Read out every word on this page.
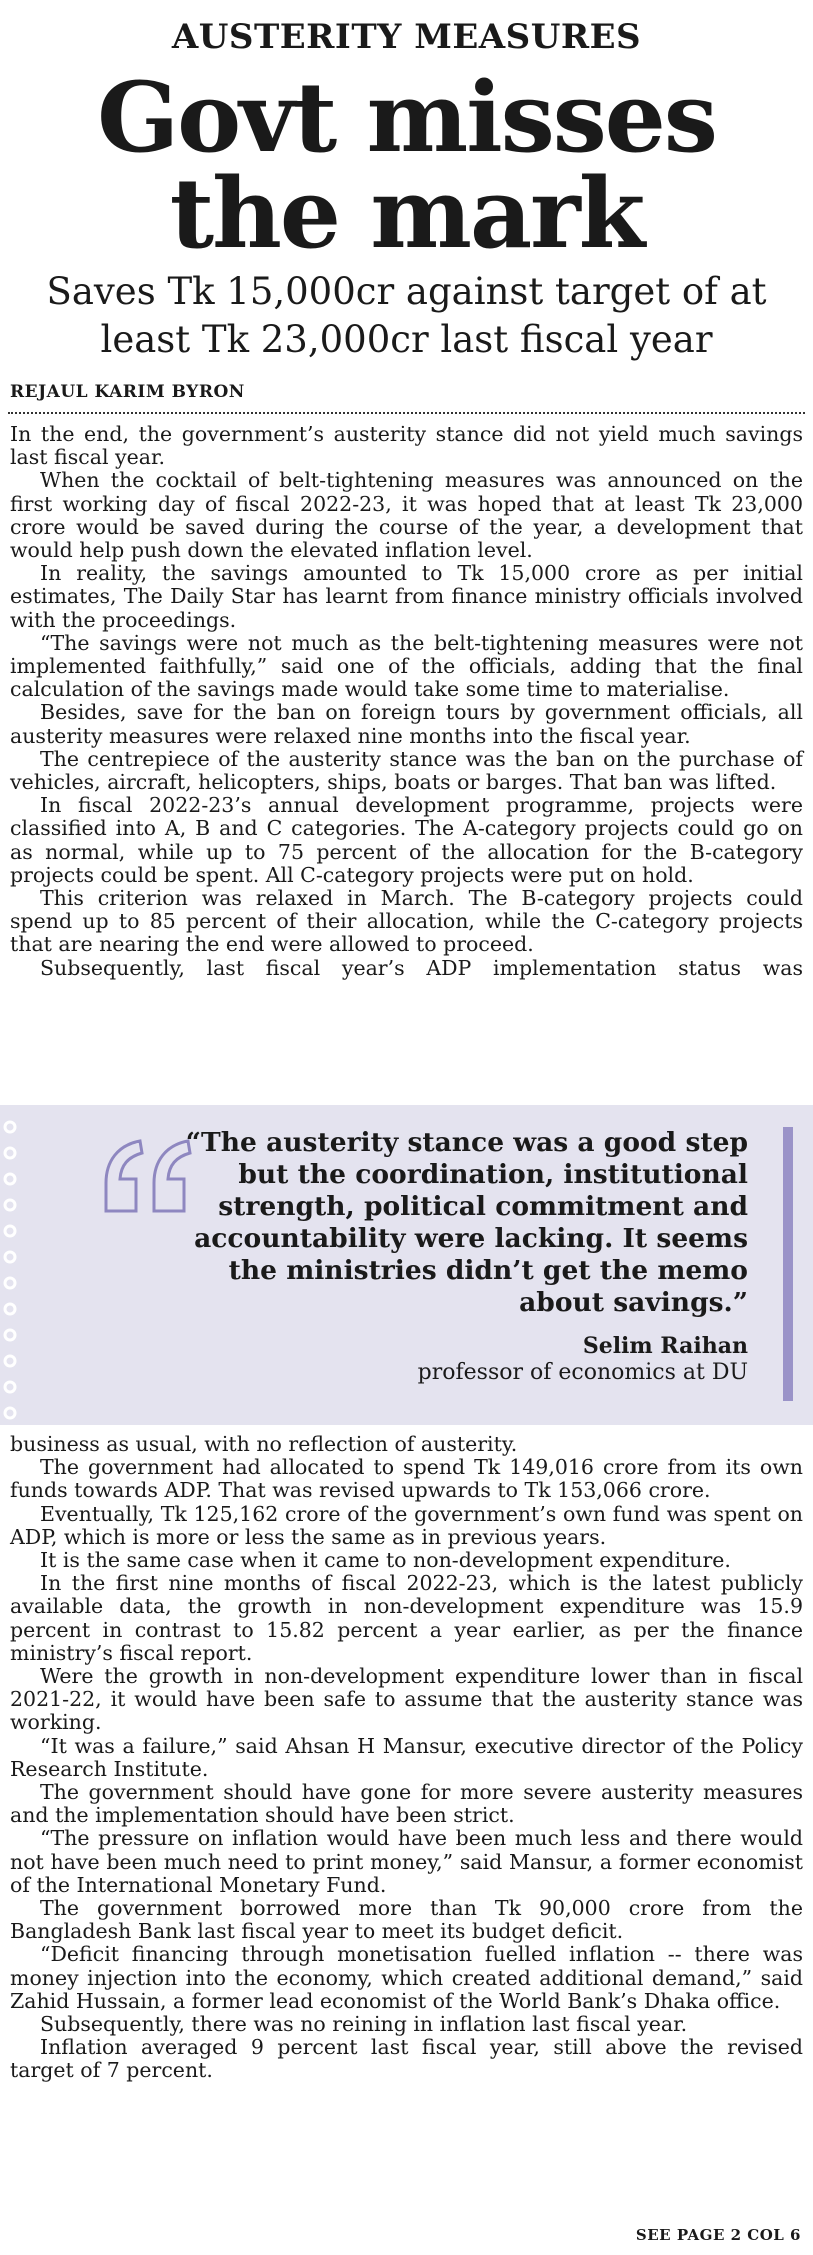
AUSTERITY MEASURES
Govt misses
the mark
Saves Tk 15,000cr against target of at
least Tk 23,000cr last fiscal year
REJAUL KARIM BYRON

In the end, the government’s austerity stance did not yield much savings last fiscal year.

When the cocktail of belt-tightening measures was announced on the first working day of fiscal 2022-23, it was hoped that at least Tk 23,000 crore would be saved during the course of the year, a development that would help push down the elevated inflation level.

In reality, the savings amounted to Tk 15,000 crore as per initial estimates, The Daily Star has learnt from finance ministry officials involved with the proceedings.

“The savings were not much as the belt-tightening measures were not implemented faithfully,” said one of the officials, adding that the final calculation of the savings made would take some time to materialise.

Besides, save for the ban on foreign tours by government officials, all austerity measures were relaxed nine months into the fiscal year.

The centrepiece of the austerity stance was the ban on the purchase of vehicles, aircraft, helicopters, ships, boats or barges. That ban was lifted.

In fiscal 2022-23’s annual development programme, projects were classified into A, B and C categories. The A-category projects could go on as normal, while up to 75 percent of the allocation for the B-category projects could be spent. All C-category projects were put on hold.

This criterion was relaxed in March. The B-category projects could spend up to 85 percent of their allocation, while the C-category projects that are nearing the end were allowed to proceed.

Subsequently, last fiscal year’s ADP implementation status was

“The austerity stance was a good step but the coordination, institutional strength, political commitment and accountability were lacking. It seems the ministries didn’t get the memo about savings.”
Selim Raihan
professor of economics at DU

business as usual, with no reflection of austerity.

The government had allocated to spend Tk 149,016 crore from its own funds towards ADP. That was revised upwards to Tk 153,066 crore.

Eventually, Tk 125,162 crore of the government’s own fund was spent on ADP, which is more or less the same as in previous years.

It is the same case when it came to non-development expenditure.

In the first nine months of fiscal 2022-23, which is the latest publicly available data, the growth in non-development expenditure was 15.9 percent in contrast to 15.82 percent a year earlier, as per the finance ministry’s fiscal report.

Were the growth in non-development expenditure lower than in fiscal 2021-22, it would have been safe to assume that the austerity stance was working.

“It was a failure,” said Ahsan H Mansur, executive director of the Policy Research Institute.

The government should have gone for more severe austerity measures and the implementation should have been strict.

“The pressure on inflation would have been much less and there would not have been much need to print money,” said Mansur, a former economist of the International Monetary Fund.

The government borrowed more than Tk 90,000 crore from the Bangladesh Bank last fiscal year to meet its budget deficit.

“Deficit financing through monetisation fuelled inflation -- there was money injection into the economy, which created additional demand,” said Zahid Hussain, a former lead economist of the World Bank’s Dhaka office.

Subsequently, there was no reining in inflation last fiscal year.

Inflation averaged 9 percent last fiscal year, still above the revised target of 7 percent.

SEE PAGE 2 COL 6
